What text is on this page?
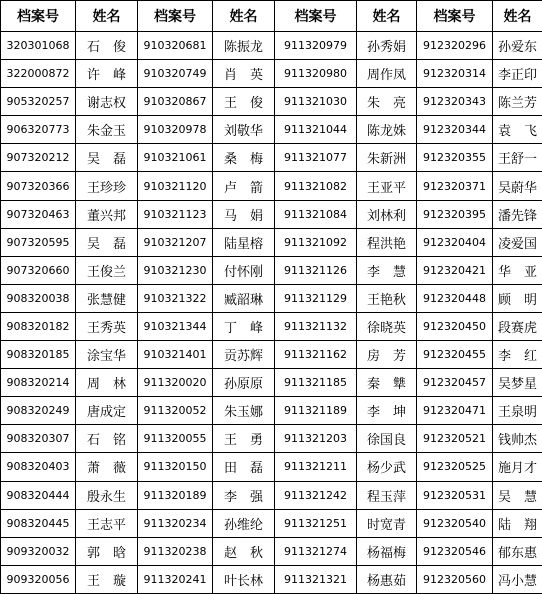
档案号	姓名	档案号	姓名	档案号	姓名	档案号	姓名
320301068	石　俊	910320681	陈振龙	911320979	孙秀娟	912320296	孙爱东
322000872	许　峰	910320749	肖　英	911320980	周作凤	912320314	李正印
905320257	谢志权	910320867	王　俊	911321030	朱　亮	912320343	陈兰芳
906320773	朱金玉	910320978	刘敬华	911321044	陈龙姝	912320344	袁　飞
907320212	吴　磊	910321061	桑　梅	911321077	朱新洲	912320355	王舒一
907320366	王珍珍	910321120	卢　箭	911321082	王亚平	912320371	吴蔚华
907320463	董兴邦	910321123	马　娟	911321084	刘林利	912320395	潘先锋
907320595	吴　磊	910321207	陆星榕	911321092	程洪艳	912320404	凌爱国
907320660	王俊兰	910321230	付怀刚	911321126	李　慧	912320421	华　亚
908320038	张慧健	910321322	臧韶琳	911321129	王艳秋	912320448	顾　明
908320182	王秀英	910321344	丁　峰	911321132	徐晓英	912320450	段赛虎
908320185	涂宝华	910321401	贡苏辉	911321162	房　芳	912320455	李　红
908320214	周　林	911320020	孙原原	911321185	秦　犨	912320457	吴梦星
908320249	唐成定	911320052	朱玉娜	911321189	李　坤	912320471	王泉明
908320307	石　铭	911320055	王　勇	911321203	徐国良	912320521	钱帅杰
908320403	萧　薇	911320150	田　磊	911321211	杨少武	912320525	施月才
908320444	殷永生	911320189	李　强	911321242	程玉萍	912320531	吴　慧
908320445	王志平	911320234	孙维纶	911321251	时宽青	912320540	陆　翔
909320032	郭　晗	911320238	赵　秋	911321274	杨福梅	912320546	郁东惠
909320056	王　璇	911320241	叶长林	911321321	杨惠茹	912320560	冯小慧
